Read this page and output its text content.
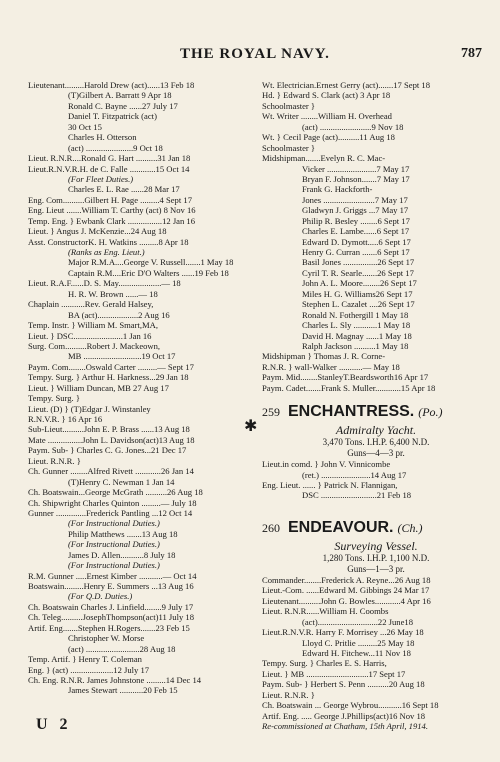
THE ROYAL NAVY.	787
Lieutenant.........Harold Drew (act)......13 Feb 18
(T)Gilbert A. Barratt 9 Apr 18
Ronald C. Bayne ......27 July 17
Daniel T. Fitzpatrick (act)
30 Oct 15
Charles H. Otterson
(act) ......................9 Oct 18
Lieut. R.N.R....Ronald G. Hart ..........31 Jan 18
Lieut.R.N.V.R.H. de C. Falle ............15 Oct 14
(For Fleet Duties.)
Charles E. L. Rae ......28 Mar 17
Eng. Com..........Gilbert H. Page .........4 Sept 17
Eng. Lieut .......William T. Carthy (act) 8 Nov 16
Temp. Eng. } Ewbank Clark ................12 Jan 16
Lieut. } Angus J. McKenzie...24 Aug 18
Asst. ConstructorK. H. Watkins .........8 Apr 18
(Ranks as Eng. Lieut.)
Major R.M.A....George V. Russell.......1 May 18
Captain R.M....Eric D'O Walters ......19 Feb 18
Lieut. R.A.F......D. S. May....................— 18
H. R. W. Brown ......— 18
Chaplain ...........Rev. Gerald Halsey,
BA (act)...................2 Aug 16
Temp. Instr. } William M. Smart,MA,
Lieut. } DSC.......................1 Jan 16
Surg. Com..........Robert J. Mackeown,
MB ...........................19 Oct 17
Paym. Com........Oswald Carter .........— Sept 17
Tempy. Surg. } Arthur H. Harkness...29 Jan 18
Lieut. } William Duncan, MB 27 Aug 17
Tempy. Surg. }
Lieut. (D) } (T)Edgar J. Winstanley
R.N.V.R. } 16 Apr 16
Sub-Lieut..........John E. P. Brass ......13 Aug 18
Mate ................John L. Davidson(act)13 Aug 18
Paym. Sub- } Charles C. G. Jones...21 Dec 17
Lieut. R.N.R. }
Ch. Gunner ........Alfred Rivett ............26 Jan 14
(T)Henry C. Newman 1 Jan 14
Ch. Boatswain...George McGrath ..........26 Aug 18
Ch. Shipwright Charles Quinton .........— July 18
Gunner ..............Frederick Pantling ...12 Oct 14
(For Instructional Duties.)
Philip Matthews .......13 Aug 18
(For Instructional Duties.)
James D. Allen...........8 July 18
(For Instructional Duties.)
R.M. Gunner .....Ernest Kimber ...........— Oct 14
Boatswain.........Henry E. Summers ...13 Aug 16
(For Q.D. Duties.)
Ch. Boatswain Charles J. Linfield........9 July 17
Ch. Teleg..........JosephThompson(act)11 July 18
Artif. Eng.......Stephen H.Rogers.......23 Feb 15
Christopher W. Morse
(act) .........................28 Aug 18
Temp. Artif. } Henry T. Coleman
Eng. } (act) ....................12 July 17
Ch. Eng. R.N.R. James Johnstone .........14 Dec 14
James Stewart ...........20 Feb 15
Wt. Electrician.Ernest Gerry (act).......17 Sept 18
Hd. } Edward S. Clark (act) 3 Apr 18
Schoolmaster }
Wt. Writer ........William H. Overhead
(act) ........................9 Nov 18
Wt. } Cecil Page (act)..........11 Aug 18
Schoolmaster }
Midshipman.......Evelyn R. C. Mac-
Vicker .......................7 May 17
Bryan F. Johnson.......7 May 17
Frank G. Hackforth-
Jones ........................7 May 17
Gladwyn J. Griggs ...7 May 17
Philip R. Besley ........6 Sept 17
Charles E. Lambe......6 Sept 17
Edward D. Dymott.....6 Sept 17
Henry G. Curran .......6 Sept 17
Basil Jones ................26 Sept 17
Cyril T. R. Searle.......26 Sept 17
John A. L. Moore........26 Sept 17
Miles H. G. Williams26 Sept 17
Stephen L. Cazalet ....26 Sept 17
Ronald N. Fothergill 1 May 18
Charles L. Sly ...........1 May 18
David H. Magnay ......1 May 18
Ralph Jackson ..........1 May 18
Midshipman } Thomas J. R. Corne-
R.N.R. } wall-Walker ...........— May 18
Paym. Mid........StanleyT.Beardsworth16 Apr 17
Paym. Cadet.......Frank S. Muller............15 Apr 18
259 ENCHANTRESS. (Po.)
Admiralty Yacht.
3,470 Tons. I.H.P. 6,400 N.D.
Guns—4—3 pr.
Lieut.in comd. } John V. Vinnicombe
(ret.) .......................14 Aug 17
Eng. Lieut. ...... } Patrick N. Flannigan,
DSC ..........................21 Feb 18
260 ENDEAVOUR. (Ch.)
Surveying Vessel.
1,280 Tons. I.H.P. 1,100 N.D.
Guns—1—3 pr.
Commander........Frederick A. Reyne...26 Aug 18
Lieut.-Com. ......Edward M. Gibbings 24 Mar 17
Lieutenant..........John G. Bowles............4 Apr 16
Lieut. R.N.R......William H. Coombs
(act)............................22 June18
Lieut.R.N.V.R. Harry F. Morrisey ...26 May 18
Lloyd C. Pritlie .........25 May 18
Edward H. Fitchew...11 Nov 18
Tempy. Surg. } Charles E. S. Harris,
Lieut. } MB .............................17 Sept 17
Paym. Sub- } Herbert S. Penn ..........20 Aug 18
Lieut. R.N.R. }
Ch. Boatswain ... George Wybrou...........16 Sept 18
Artif. Eng. ..... George J.Phillips(act)16 Nov 18
Re-commissioned at Chatham, 15th April, 1914.
✱
U 2
